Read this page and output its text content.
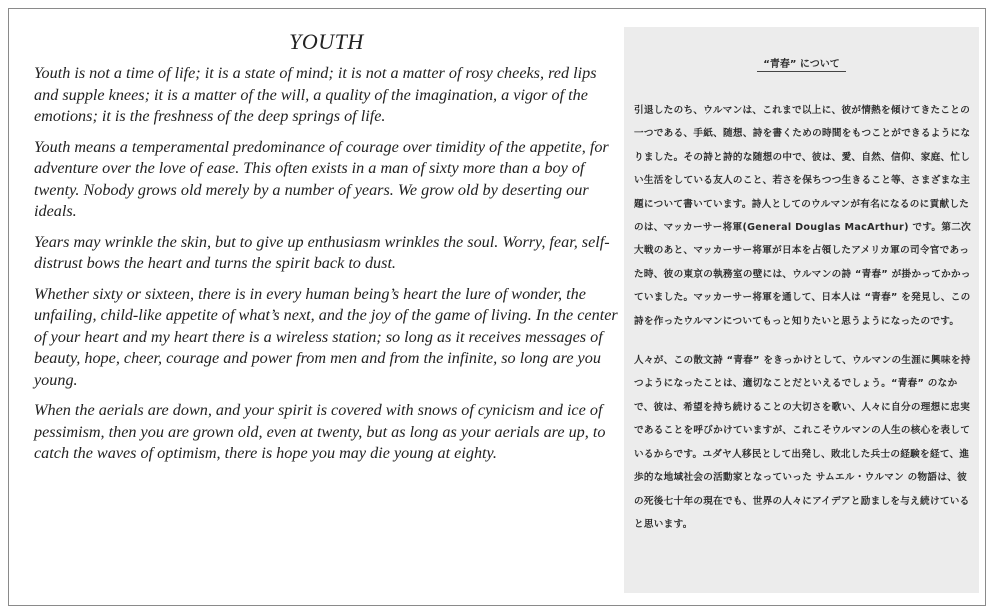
YOUTH

Youth is not a time of life; it is a state of mind; it is not a matter of rosy cheeks, red lips and supple knees; it is a matter of the will, a quality of the imagination, a vigor of the emotions; it is the freshness of the deep springs of life.

Youth means a temperamental predominance of courage over timidity of the appetite, for adventure over the love of ease. This often exists in a man of sixty more than a boy of twenty. Nobody grows old merely by a number of years. We grow old by deserting our ideals.

Years may wrinkle the skin, but to give up enthusiasm wrinkles the soul. Worry, fear, self-distrust bows the heart and turns the spirit back to dust.

Whether sixty or sixteen, there is in every human being’s heart the lure of wonder, the unfailing, child-like appetite of what’s next, and the joy of the game of living. In the center of your heart and my heart there is a wireless station; so long as it receives messages of beauty, hope, cheer, courage and power from men and from the infinite, so long are you young.

When the aerials are down, and your spirit is covered with snows of cynicism and ice of pessimism, then you are grown old, even at twenty, but as long as your aerials are up, to catch the waves of optimism, there is hope you may die young at eighty.

“青春” について

引退したのち、ウルマンは、これまで以上に、彼が情熱を傾けてきたことの一つである、手紙、随想、詩を書くための時間をもつことができるようになりました。その詩と詩的な随想の中で、彼は、愛、自然、信仰、家庭、忙しい生活をしている友人のこと、若さを保ちつつ生きること等、さまざまな主題について書いています。詩人としてのウルマンが有名になるのに貢献したのは、マッカーサー将軍(General Douglas MacArthur) です。第二次大戦のあと、マッカーサー将軍が日本を占領したアメリカ軍の司令官であった時、彼の東京の執務室の壁には、ウルマンの詩 “青春” が掛かってかかっていました。マッカーサー将軍を通して、日本人は “青春” を発見し、この詩を作ったウルマンについてもっと知りたいと思うようになったのです。

人々が、この散文詩 “青春” をきっかけとして、ウルマンの生涯に興味を持つようになったことは、適切なことだといえるでしょう。“青春” のなかで、彼は、希望を持ち続けることの大切さを歌い、人々に自分の理想に忠実であることを呼びかけていますが、これこそウルマンの人生の核心を表しているからです。ユダヤ人移民として出発し、敗北した兵士の経験を経て、進歩的な地域社会の活動家となっていった サムエル・ウルマン の物語は、彼の死後七十年の現在でも、世界の人々にアイデアと励ましを与え続けていると思います。
